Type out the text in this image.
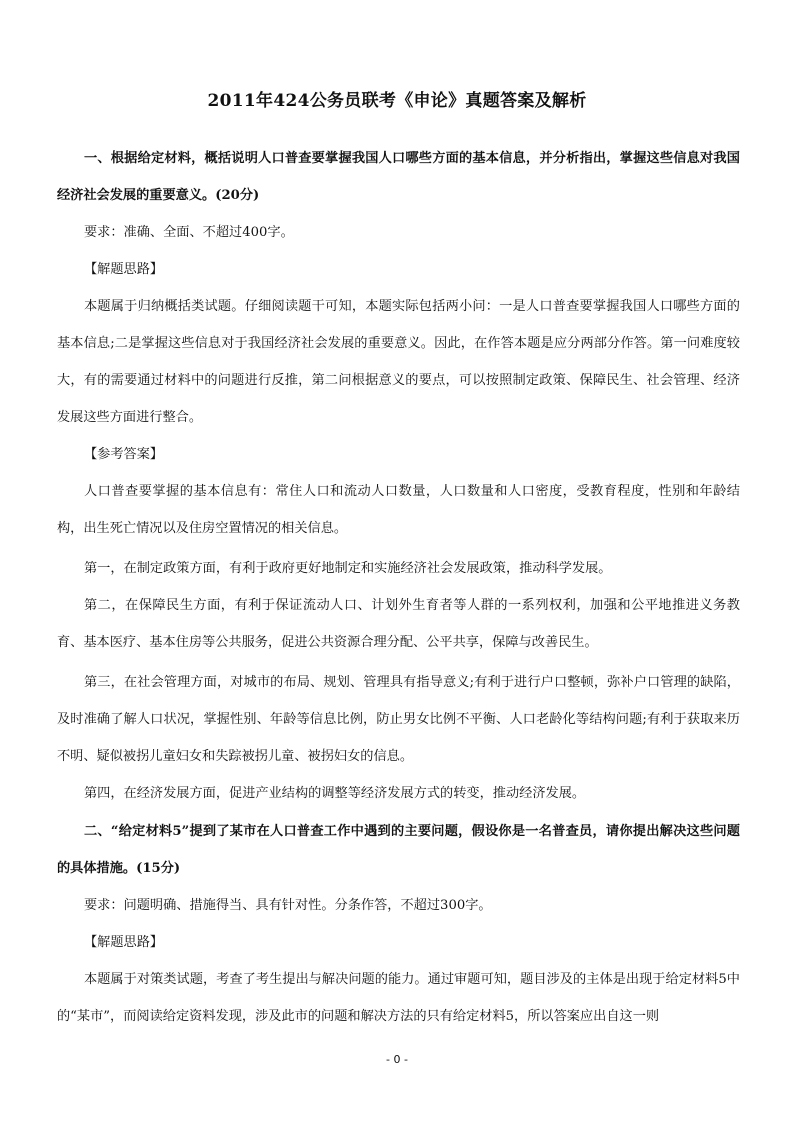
2011年424公务员联考《申论》真题答案及解析
一、根据给定材料，概括说明人口普查要掌握我国人口哪些方面的基本信息，并分析指出，掌握这些信息对我国经济社会发展的重要意义。(20分)
要求：准确、全面、不超过400字。
【解题思路】
本题属于归纳概括类试题。仔细阅读题干可知，本题实际包括两小问：一是人口普查要掌握我国人口哪些方面的基本信息;二是掌握这些信息对于我国经济社会发展的重要意义。因此，在作答本题是应分两部分作答。第一问难度较大，有的需要通过材料中的问题进行反推，第二问根据意义的要点，可以按照制定政策、保障民生、社会管理、经济发展这些方面进行整合。
【参考答案】
人口普查要掌握的基本信息有：常住人口和流动人口数量，人口数量和人口密度，受教育程度，性别和年龄结构，出生死亡情况以及住房空置情况的相关信息。
第一，在制定政策方面，有利于政府更好地制定和实施经济社会发展政策，推动科学发展。
第二，在保障民生方面，有利于保证流动人口、计划外生育者等人群的一系列权利，加强和公平地推进义务教育、基本医疗、基本住房等公共服务，促进公共资源合理分配、公平共享，保障与改善民生。
第三，在社会管理方面，对城市的布局、规划、管理具有指导意义;有利于进行户口整顿，弥补户口管理的缺陷，及时准确了解人口状况，掌握性别、年龄等信息比例，防止男女比例不平衡、人口老龄化等结构问题;有利于获取来历不明、疑似被拐儿童妇女和失踪被拐儿童、被拐妇女的信息。
第四，在经济发展方面，促进产业结构的调整等经济发展方式的转变，推动经济发展。
二、“给定材料5”提到了某市在人口普查工作中遇到的主要问题，假设你是一名普查员，请你提出解决这些问题的具体措施。(15分)
要求：问题明确、措施得当、具有针对性。分条作答，不超过300字。
【解题思路】
本题属于对策类试题，考查了考生提出与解决问题的能力。通过审题可知，题目涉及的主体是出现于给定材料5中的“某市”，而阅读给定资料发现，涉及此市的问题和解决方法的只有给定材料5，所以答案应出自这一则
- 0 -
